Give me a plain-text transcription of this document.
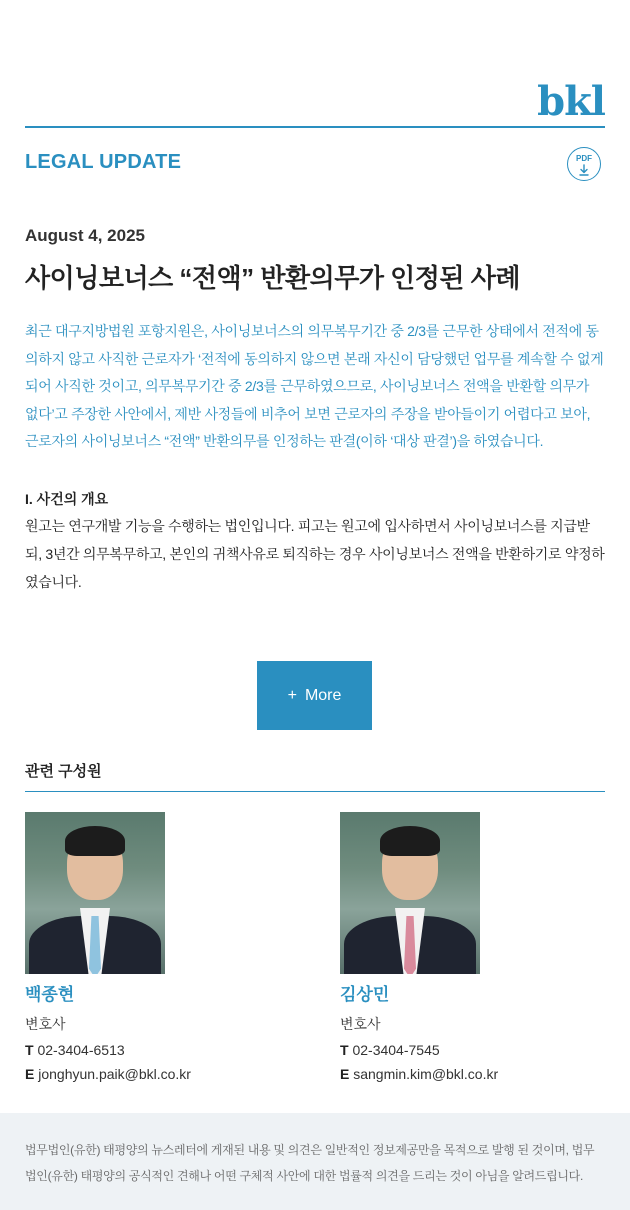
bkl
LEGAL UPDATE	PDF
August 4, 2025
사이닝보너스 “전액” 반환의무가 인정된 사례
최근 대구지방법원 포항지원은, 사이닝보너스의 의무복무기간 중 2/3를 근무한 상태에서 전적에 동의하지 않고 사직한 근로자가 ‘전적에 동의하지 않으면 본래 자신이 담당했던 업무를 계속할 수 없게 되어 사직한 것이고, 의무복무기간 중 2/3를 근무하였으므로, 사이닝보너스 전액을 반환할 의무가 없다’고 주장한 사안에서, 제반 사정들에 비추어 보면 근로자의 주장을 받아들이기 어렵다고 보아, 근로자의 사이닝보너스 “전액” 반환의무를 인정하는 판결(이하 ‘대상 판결’)을 하였습니다.
I. 사건의 개요
원고는 연구개발 기능을 수행하는 법인입니다. 피고는 원고에 입사하면서 사이닝보너스를 지급받되, 3년간 의무복무하고, 본인의 귀책사유로 퇴직하는 경우 사이닝보너스 전액을 반환하기로 약정하였습니다.
+ More
관련 구성원
백종현
변호사
T 02-3404-6513
E jonghyun.paik@bkl.co.kr
김상민
변호사
T 02-3404-7545
E sangmin.kim@bkl.co.kr

법무법인(유한) 태평양의 뉴스레터에 게재된 내용 및 의견은 일반적인 정보제공만을 목적으로 발행 된 것이며, 법무법인(유한) 태평양의 공식적인 견해나 어떤 구체적 사안에 대한 법률적 의견을 드리는 것이 아님을 알려드립니다.
